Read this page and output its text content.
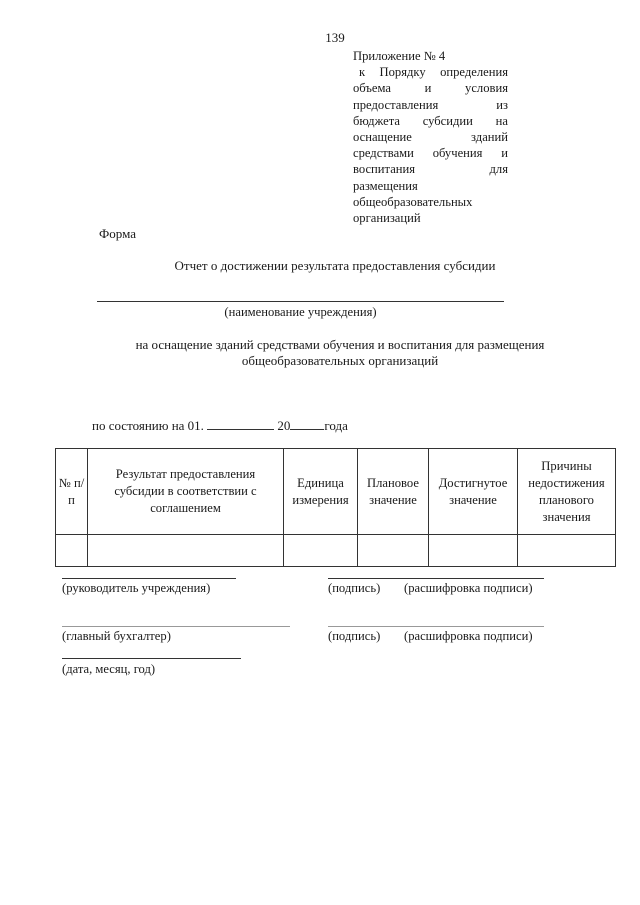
139
Приложение № 4
к Порядку определения
объема и условия
предоставления из
бюджета субсидии на
оснащение зданий
средствами обучения и
воспитания для
размещения
общеобразовательных
организаций
Форма
Отчет о достижении результата предоставления субсидии
(наименование учреждения)
на оснащение зданий средствами обучения и воспитания для размещения
общеобразовательных организаций
по состоянию на 01.	20	года
№ п/п	Результат предоставления субсидии в соответствии с соглашением	Единица измерения	Плановое значение	Достигнутое значение	Причины недостижения планового значения

(руководитель учреждения)	(подпись) (расшифровка подписи)
(главный бухгалтер)	(подпись) (расшифровка подписи)
(дата, месяц, год)
